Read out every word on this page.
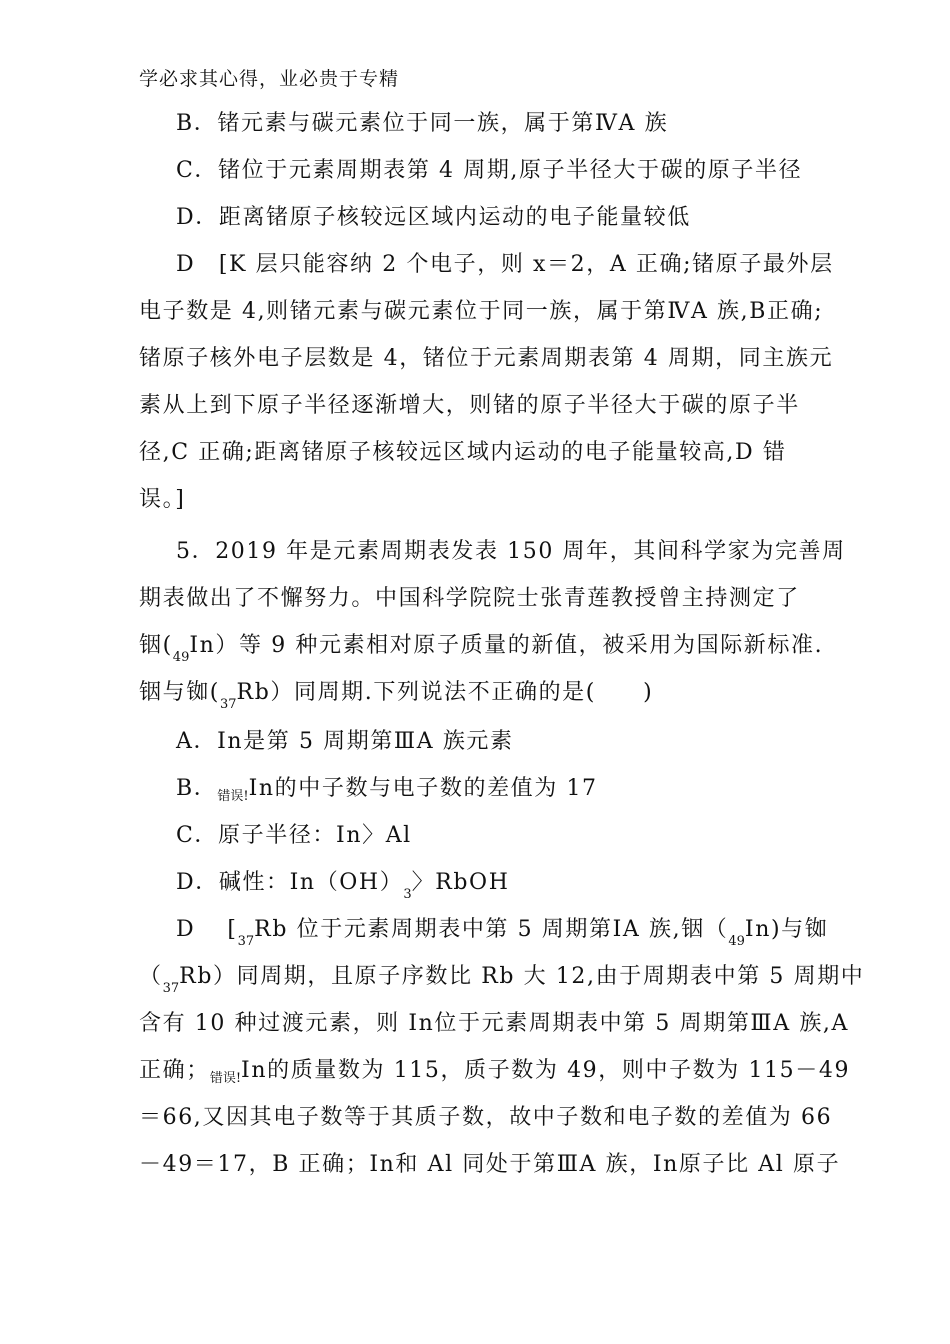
学必求其心得，业必贵于专精
B．锗元素与碳元素位于同一族，属于第ⅣA 族
C．锗位于元素周期表第 4 周期,原子半径大于碳的原子半径
D．距离锗原子核较远区域内运动的电子能量较低
D　[K 层只能容纳 2 个电子，则 x＝2，A 正确;锗原子最外层
电子数是 4,则锗元素与碳元素位于同一族，属于第ⅣA 族,B正确;
锗原子核外电子层数是 4，锗位于元素周期表第 4 周期，同主族元
素从上到下原子半径逐渐增大，则锗的原子半径大于碳的原子半
径,C 正确;距离锗原子核较远区域内运动的电子能量较高,D 错
误。]
5．2019 年是元素周期表发表 150 周年，其间科学家为完善周
期表做出了不懈努力。中国科学院院士张青莲教授曾主持测定了
铟$(_{49}In)$等 9 种元素相对原子质量的新值，被采用为国际新标准.
铟与铷$(_{37}Rb)$同周期.下列说法不正确的是(　　)
A．In是第 5 周期第ⅢA 族元素
B．$_{错误!}$In的中子数与电子数的差值为 17
C．原子半径：In〉Al
D．碱性：$In(OH)_3$〉RbOH
D　 [$_{37}Rb$ 位于元素周期表中第 5 周期第ⅠA 族,铟$(_{49}In)$与铷
$(_{37}Rb)$同周期，且原子序数比 Rb 大 12,由于周期表中第 5 周期中
含有 10 种过渡元素，则 In位于元素周期表中第 5 周期第ⅢA 族,A
正确；$_{错误!}$In的质量数为 115，质子数为 49，则中子数为 115－49
＝66,又因其电子数等于其质子数，故中子数和电子数的差值为 66
－49＝17，B 正确；In和 Al 同处于第ⅢA 族，In原子比 Al 原子
